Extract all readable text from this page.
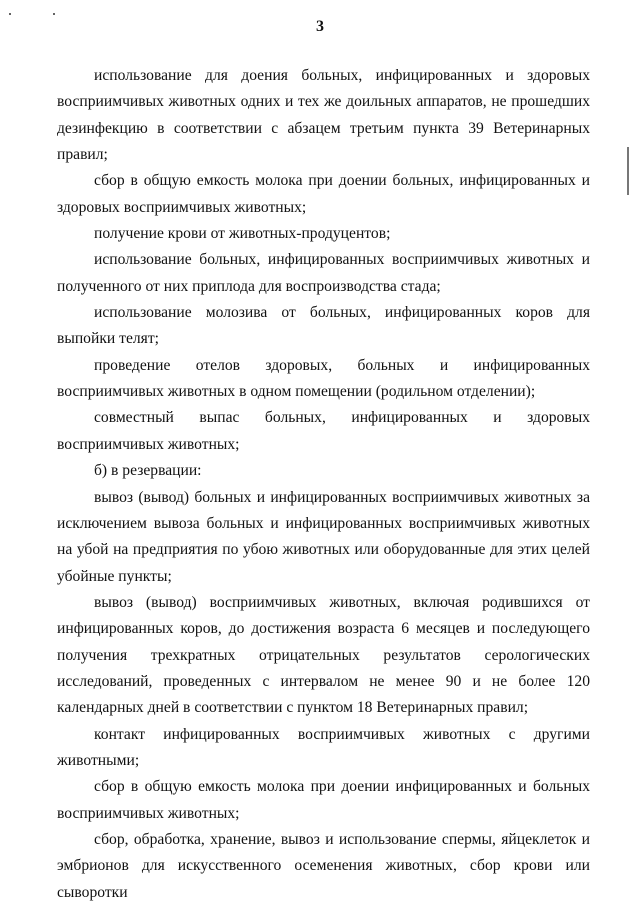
3

использование для доения больных, инфицированных и здоровых восприимчивых животных одних и тех же доильных аппаратов, не прошедших дезинфекцию в соответствии с абзацем третьим пункта 39 Ветеринарных правил;

сбор в общую емкость молока при доении больных, инфицированных и здоровых восприимчивых животных;

получение крови от животных-продуцентов;

использование больных, инфицированных восприимчивых животных и полученного от них приплода для воспроизводства стада;

использование молозива от больных, инфицированных коров для выпойки телят;

проведение отелов здоровых, больных и инфицированных восприимчивых животных в одном помещении (родильном отделении);

совместный выпас больных, инфицированных и здоровых восприимчивых животных;

б) в резервации:

вывоз (вывод) больных и инфицированных восприимчивых животных за исключением вывоза больных и инфицированных восприимчивых животных на убой на предприятия по убою животных или оборудованные для этих целей убойные пункты;

вывоз (вывод) восприимчивых животных, включая родившихся от инфицированных коров, до достижения возраста 6 месяцев и последующего получения трехкратных отрицательных результатов серологических исследований, проведенных с интервалом не менее 90 и не более 120 календарных дней в соответствии с пунктом 18 Ветеринарных правил;

контакт инфицированных восприимчивых животных с другими животными;

сбор в общую емкость молока при доении инфицированных и больных восприимчивых животных;

сбор, обработка, хранение, вывоз и использование спермы, яйцеклеток и эмбрионов для искусственного осеменения животных, сбор крови или сыворотки
